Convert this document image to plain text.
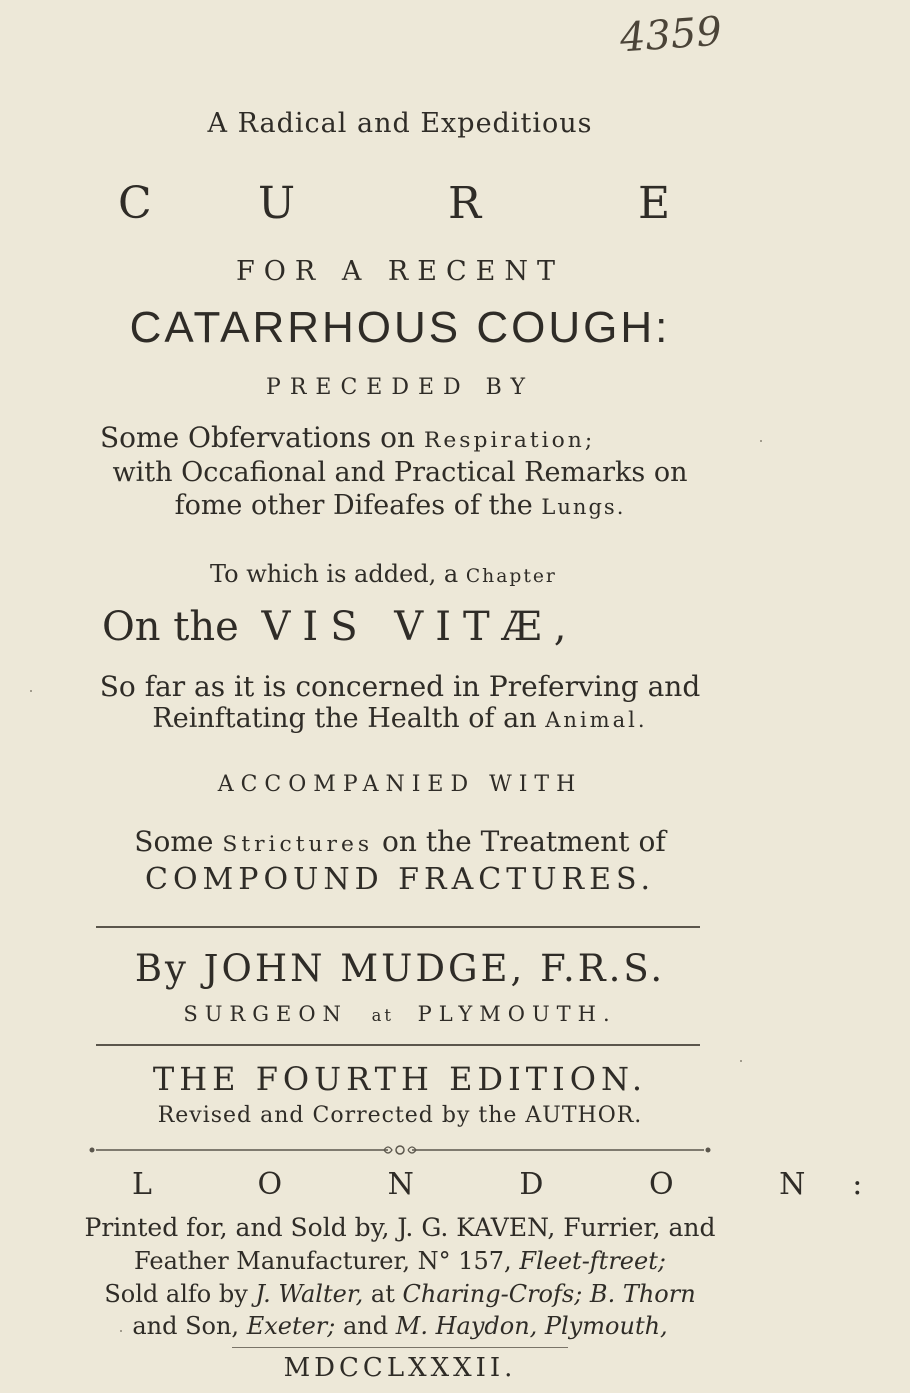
4359
A Radical and Expeditious
C U	R	E
FOR A RECENT
CATARRHOUS COUGH:
PRECEDED BY
Some Obfervations on Respiration;
with Occafional and Practical Remarks on
fome other Difeafes of the Lungs.
To which is added, a Chapter
On the VIS VITÆ,
So far as it is concerned in Preferving and
Reinftating the Health of an Animal.
ACCOMPANIED WITH
Some Strictures on the Treatment of
COMPOUND FRACTURES.
By JOHN MUDGE, F.R.S.
SURGEON at PLYMOUTH.
THE FOURTH EDITION.
Revised and Corrected by the AUTHOR.
L O N D O N:
Printed for, and Sold by, J. G. KAVEN, Furrier, and
Feather Manufacturer, N° 157, Fleet-ftreet;
Sold alfo by J. Walter, at Charing-Crofs; B. Thorn
and Son, Exeter; and M. Haydon, Plymouth,
MDCCLXXXII.
